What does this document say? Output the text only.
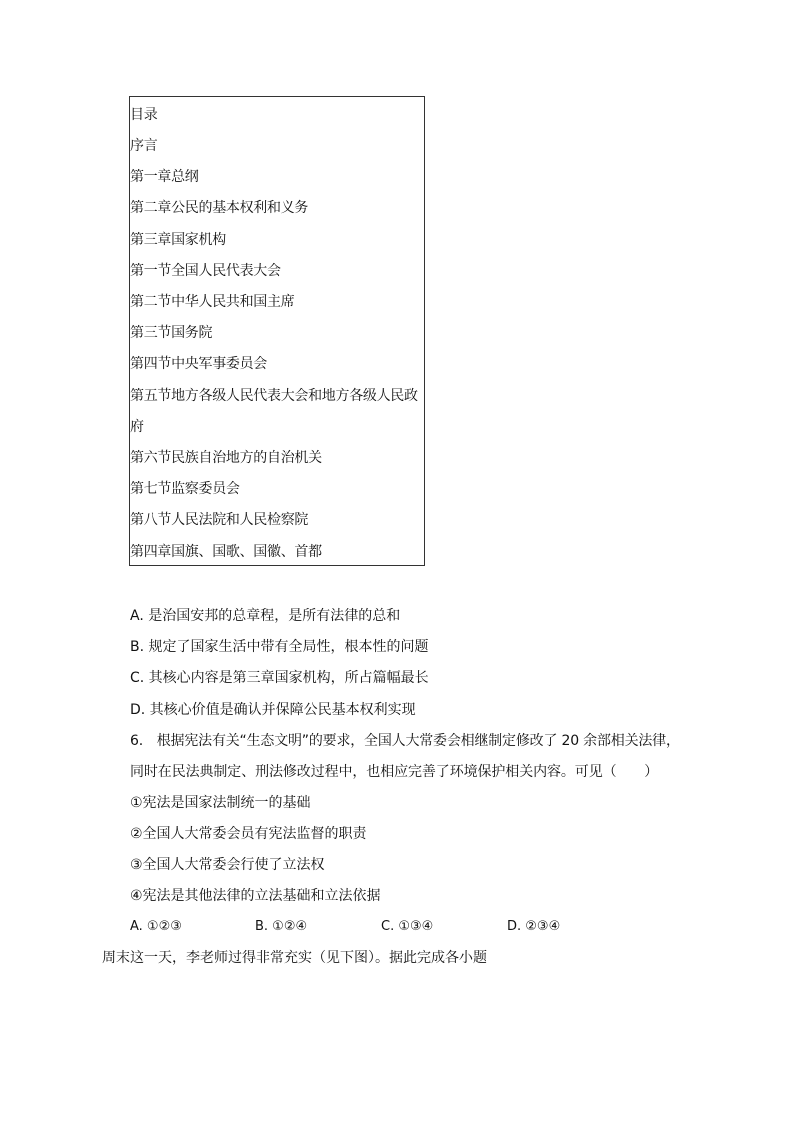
目录
序言
第一章总纲
第二章公民的基本权利和义务
第三章国家机构
第一节全国人民代表大会
第二节中华人民共和国主席
第三节国务院
第四节中央军事委员会
第五节地方各级人民代表大会和地方各级人民政
府
第六节民族自治地方的自治机关
第七节监察委员会
第八节人民法院和人民检察院
第四章国旗、国歌、国徽、首都
A. 是治国安邦的总章程，是所有法律的总和
B. 规定了国家生活中带有全局性，根本性的问题
C. 其核心内容是第三章国家机构，所占篇幅最长
D. 其核心价值是确认并保障公民基本权利实现
6.　根据宪法有关“生态文明”的要求，全国人大常委会相继制定修改了 20 余部相关法律，
同时在民法典制定、刑法修改过程中，也相应完善了环境保护相关内容。可见（　　）
①宪法是国家法制统一的基础
②全国人大常委会员有宪法监督的职责
③全国人大常委会行使了立法权
④宪法是其他法律的立法基础和立法依据
A. ①②③	B. ①②④	C. ①③④	D. ②③④
周末这一天，李老师过得非常充实（见下图）。据此完成各小题
